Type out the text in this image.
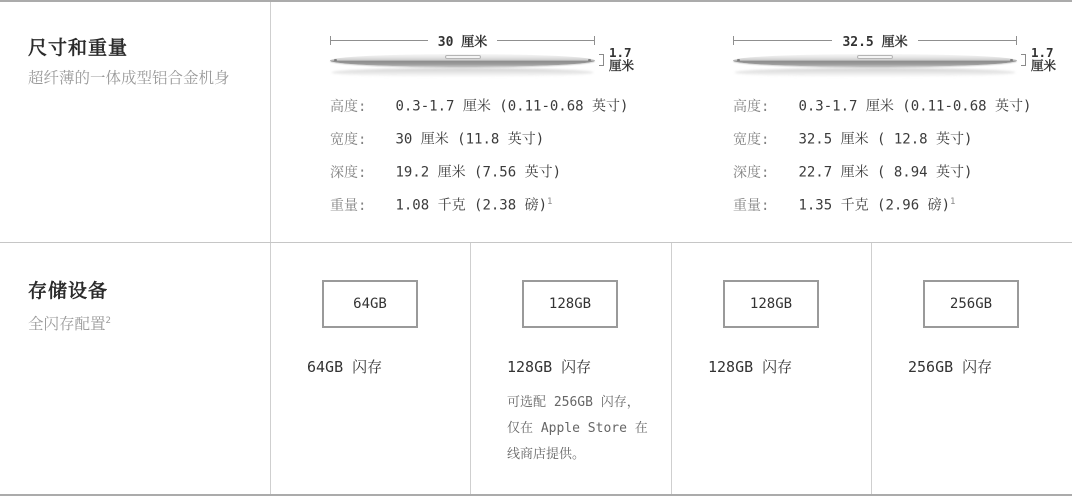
尺寸和重量
超纤薄的一体成型铝合金机身
30 厘米
1.7
厘米
高度: 0.3-1.7 厘米 (0.11-0.68 英寸)
宽度: 30 厘米 (11.8 英寸)
深度: 19.2 厘米 (7.56 英寸)
重量: 1.08 千克 (2.38 磅)$^1$
32.5 厘米
1.7
厘米
高度: 0.3-1.7 厘米 (0.11-0.68 英寸)
宽度: 32.5 厘米 ( 12.8 英寸)
深度: 22.7 厘米 ( 8.94 英寸)
重量: 1.35 千克 (2.96 磅)$^1$
存储设备
全闪存配置$^2$
64GB
64GB 闪存
128GB
128GB 闪存
可选配 256GB 闪存，
仅在 Apple Store 在
线商店提供。
128GB
128GB 闪存
256GB
256GB 闪存
